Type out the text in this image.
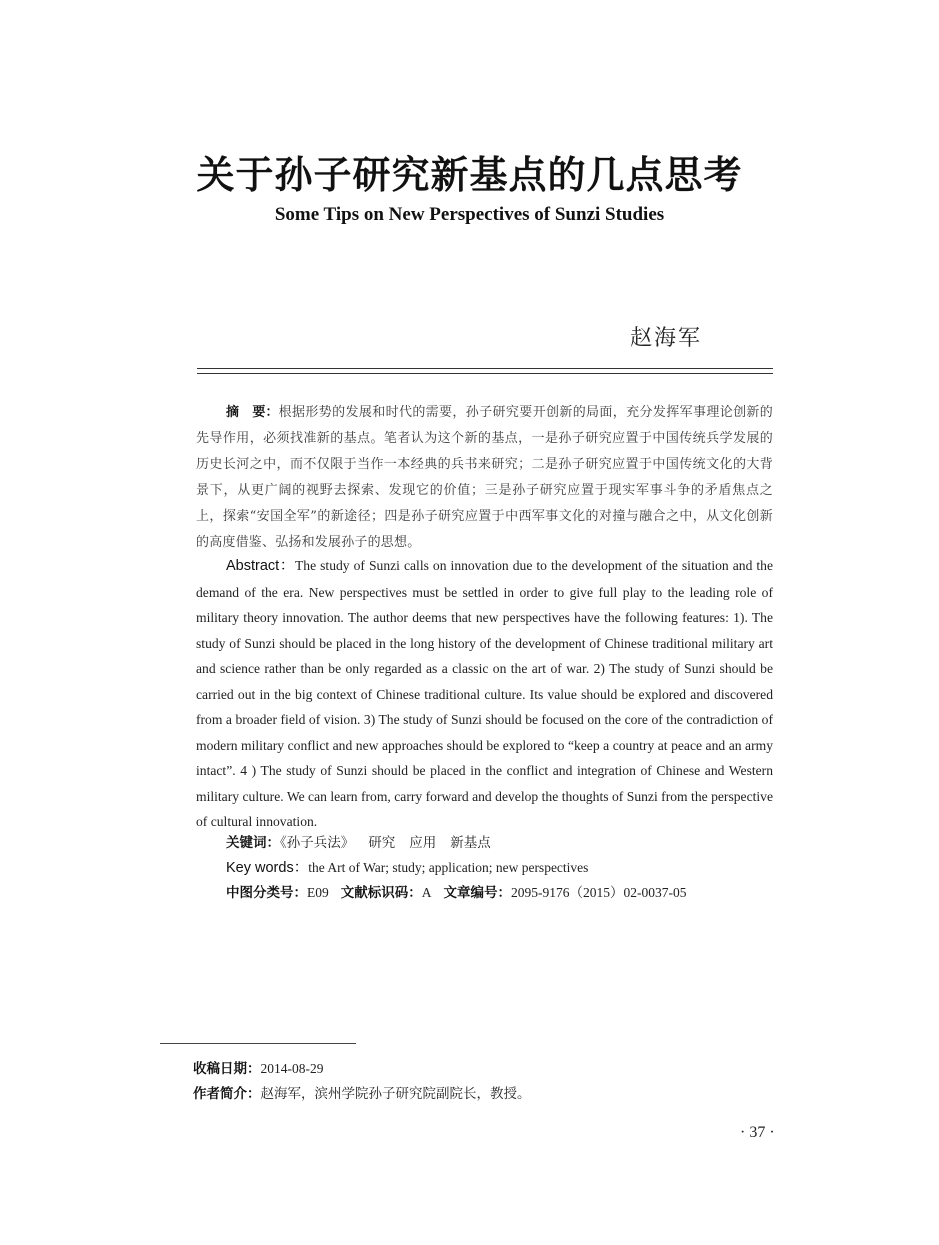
关于孙子研究新基点的几点思考
Some Tips on New Perspectives of Sunzi Studies
赵海军
摘　要：根据形势的发展和时代的需要，孙子研究要开创新的局面，充分发挥军事理论创新的先导作用，必须找准新的基点。笔者认为这个新的基点，一是孙子研究应置于中国传统兵学发展的历史长河之中，而不仅限于当作一本经典的兵书来研究；二是孙子研究应置于中国传统文化的大背景下，从更广阔的视野去探索、发现它的价值；三是孙子研究应置于现实军事斗争的矛盾焦点之上，探索“安国全军”的新途径；四是孙子研究应置于中西军事文化的对撞与融合之中，从文化创新的高度借鉴、弘扬和发展孙子的思想。
Abstract：The study of Sunzi calls on innovation due to the development of the situation and the demand of the era. New perspectives must be settled in order to give full play to the leading role of military theory innovation. The author deems that new perspectives have the following features: 1). The study of Sunzi should be placed in the long history of the development of Chinese traditional military art and science rather than be only regarded as a classic on the art of war. 2) The study of Sunzi should be carried out in the big context of Chinese traditional culture. Its value should be explored and discovered from a broader field of vision. 3) The study of Sunzi should be focused on the core of the contradiction of modern military conflict and new approaches should be explored to “keep a country at peace and an army intact”. 4 ) The study of Sunzi should be placed in the conflict and integration of Chinese and Western military culture. We can learn from, carry forward and develop the thoughts of Sunzi from the perspective of cultural innovation.
关键词：《孙子兵法》 研究 应用 新基点
Key words：the Art of War; study; application; new perspectives
中图分类号：E09 文献标识码：A 文章编号：2095-9176（2015）02-0037-05
收稿日期：2014-08-29
作者简介：赵海军，滨州学院孙子研究院副院长，教授。
· 37 ·
